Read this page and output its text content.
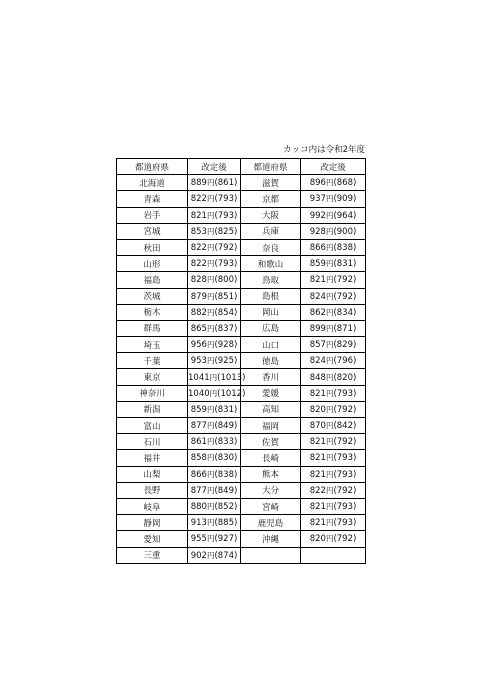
カッコ内は令和2年度
都道府県	改定後	都道府県	改定後
北海道	889円(861)	滋賀	896円(868)
青森	822円(793)	京都	937円(909)
岩手	821円(793)	大阪	992円(964)
宮城	853円(825)	兵庫	928円(900)
秋田	822円(792)	奈良	866円(838)
山形	822円(793)	和歌山	859円(831)
福島	828円(800)	鳥取	821円(792)
茨城	879円(851)	島根	824円(792)
栃木	882円(854)	岡山	862円(834)
群馬	865円(837)	広島	899円(871)
埼玉	956円(928)	山口	857円(829)
千葉	953円(925)	徳島	824円(796)
東京	1041円(1013)	香川	848円(820)
神奈川	1040円(1012)	愛媛	821円(793)
新潟	859円(831)	高知	820円(792)
富山	877円(849)	福岡	870円(842)
石川	861円(833)	佐賀	821円(792)
福井	858円(830)	長崎	821円(793)
山梨	866円(838)	熊本	821円(793)
長野	877円(849)	大分	822円(792)
岐阜	880円(852)	宮崎	821円(793)
静岡	913円(885)	鹿児島	821円(793)
愛知	955円(927)	沖縄	820円(792)
三重	902円(874)		
